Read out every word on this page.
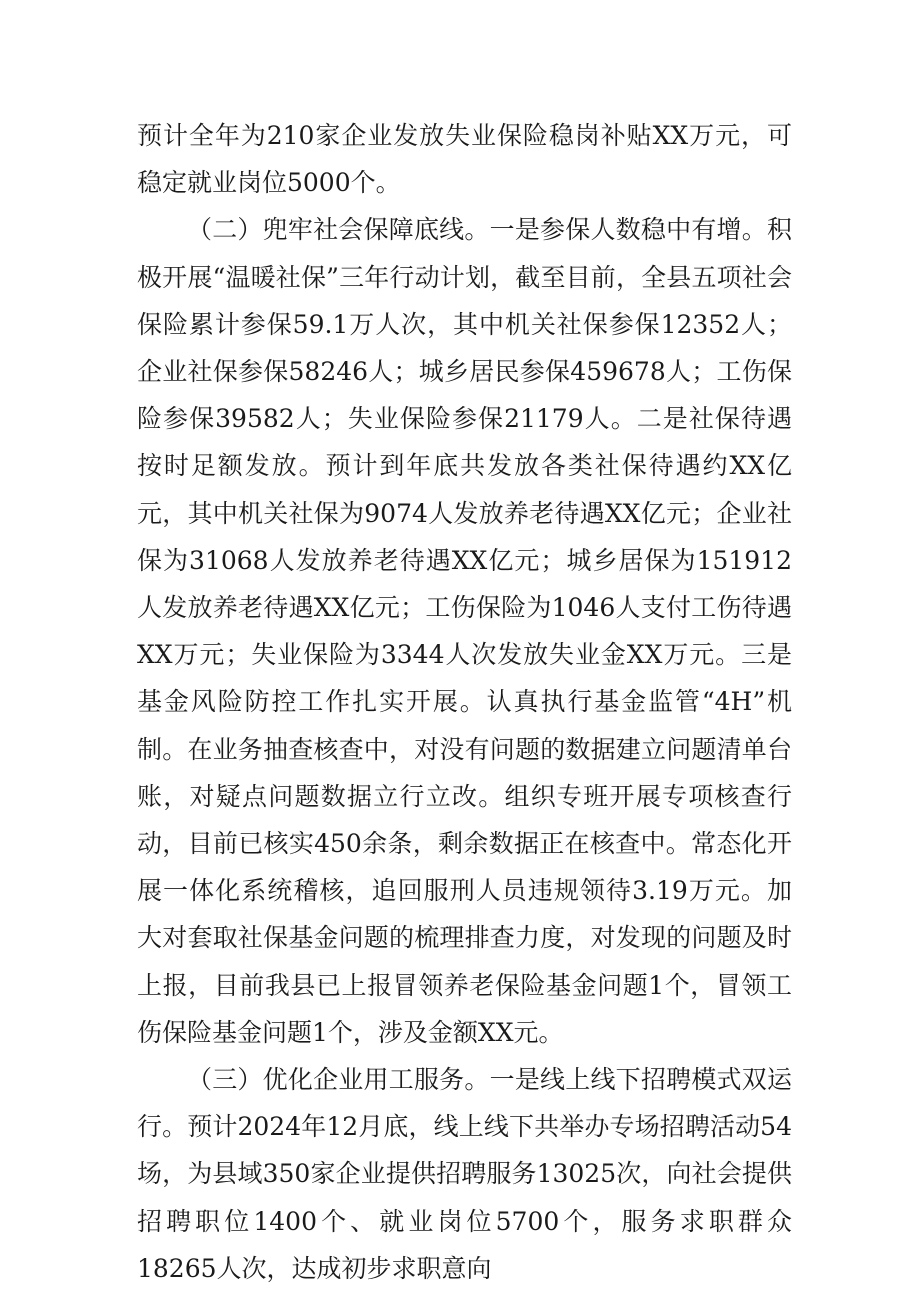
预计全年为210家企业发放失业保险稳岗补贴XX万元，可稳定就业岗位5000个。

（二）兜牢社会保障底线。一是参保人数稳中有增。积极开展“温暖社保”三年行动计划，截至目前，全县五项社会保险累计参保59.1万人次，其中机关社保参保12352人；企业社保参保58246人；城乡居民参保459678人；工伤保险参保39582人；失业保险参保21179人。二是社保待遇按时足额发放。预计到年底共发放各类社保待遇约XX亿元，其中机关社保为9074人发放养老待遇XX亿元；企业社保为31068人发放养老待遇XX亿元；城乡居保为151912人发放养老待遇XX亿元；工伤保险为1046人支付工伤待遇XX万元；失业保险为3344人次发放失业金XX万元。三是基金风险防控工作扎实开展。认真执行基金监管“4H”机制。在业务抽查核查中，对没有问题的数据建立问题清单台账，对疑点问题数据立行立改。组织专班开展专项核查行动，目前已核实450余条，剩余数据正在核查中。常态化开展一体化系统稽核，追回服刑人员违规领待3.19万元。加大对套取社保基金问题的梳理排查力度，对发现的问题及时上报，目前我县已上报冒领养老保险基金问题1个，冒领工伤保险基金问题1个，涉及金额XX元。

（三）优化企业用工服务。一是线上线下招聘模式双运行。预计2024年12月底，线上线下共举办专场招聘活动54场，为县域350家企业提供招聘服务13025次，向社会提供招聘职位1400个、就业岗位5700个，服务求职群众18265人次，达成初步求职意向
